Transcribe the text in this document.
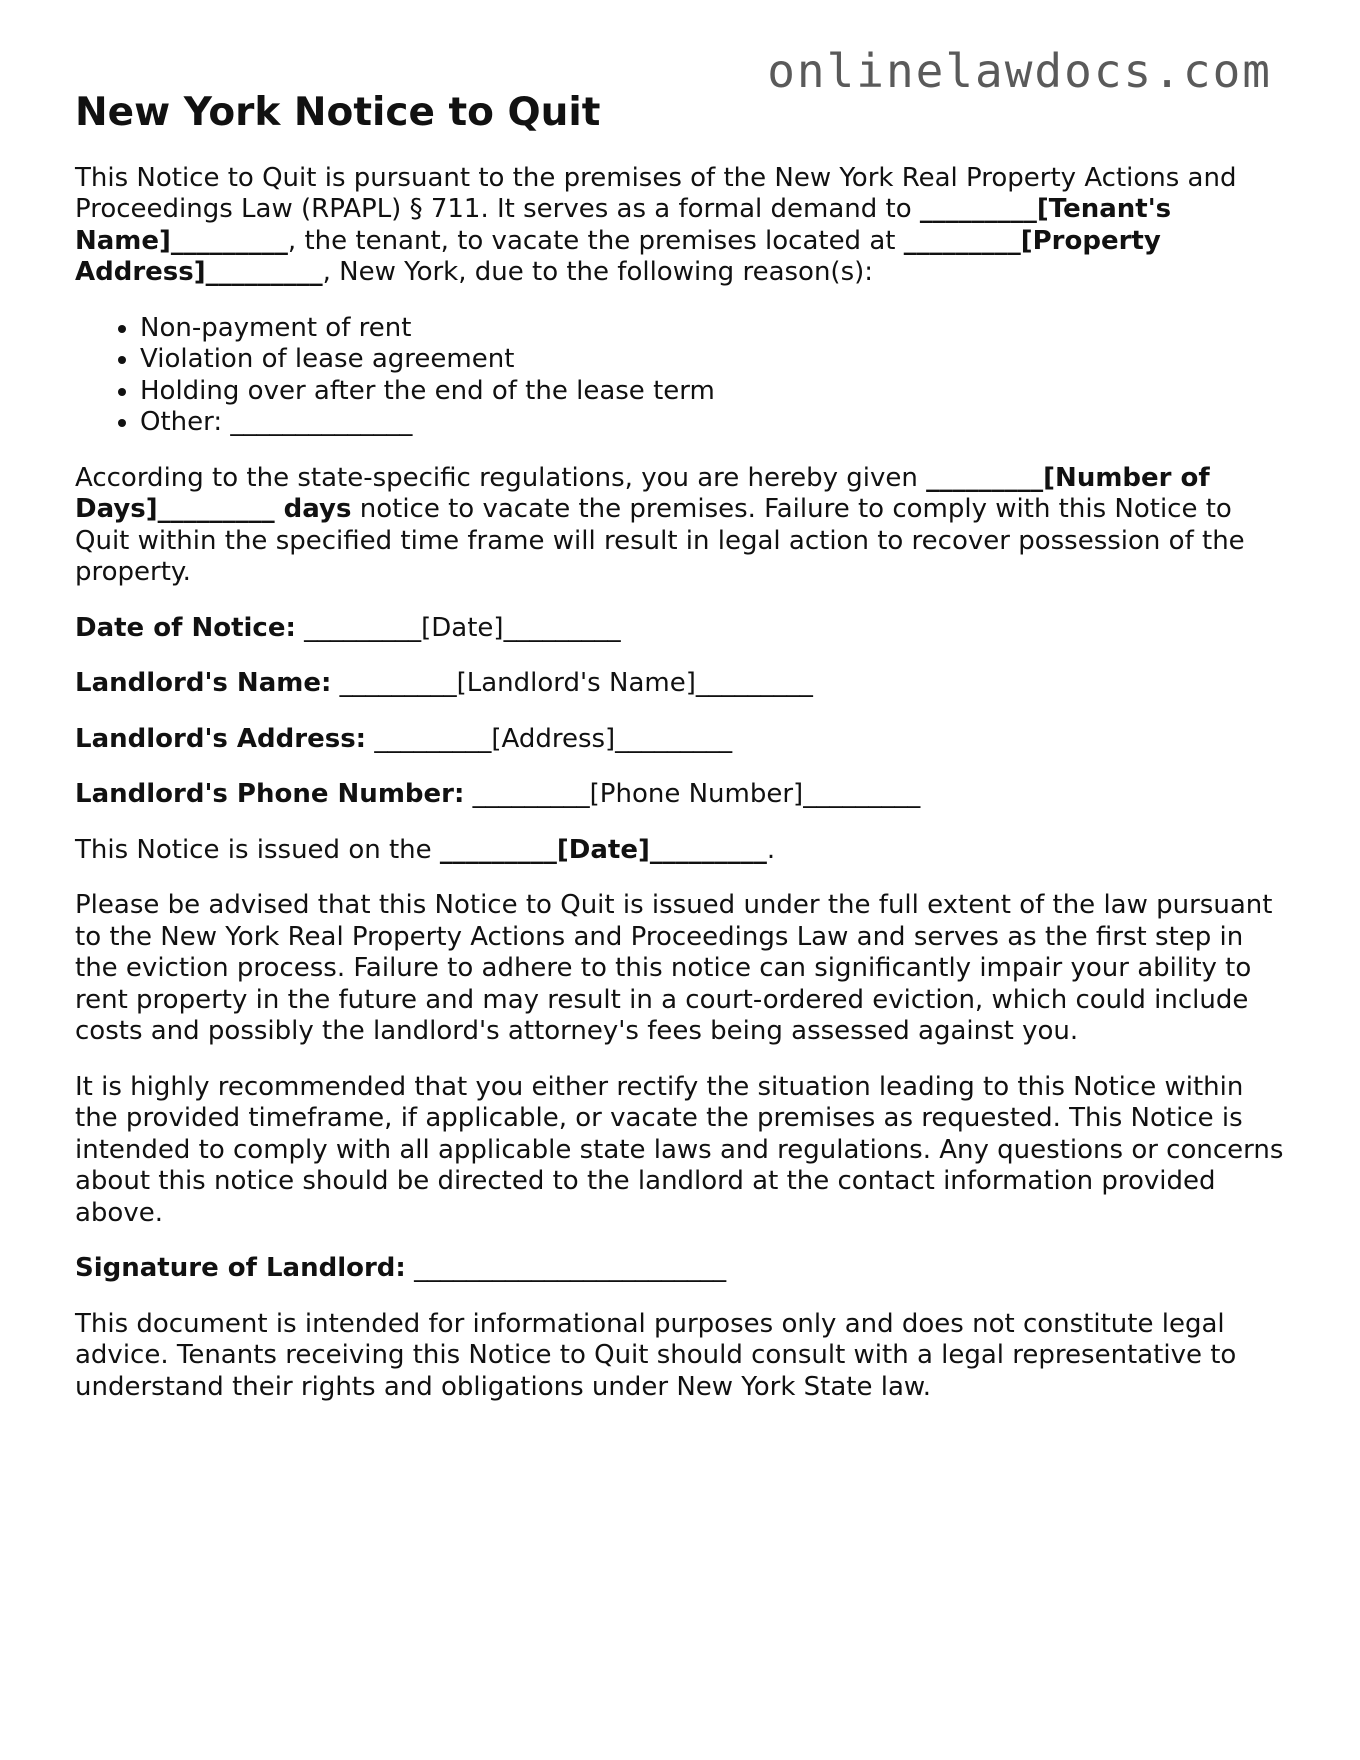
onlinelawdocs.com
New York Notice to Quit

This Notice to Quit is pursuant to the premises of the New York Real Property Actions and Proceedings Law (RPAPL) § 711. It serves as a formal demand to _________[Tenant's Name]_________, the tenant, to vacate the premises located at _________[Property Address]_________, New York, due to the following reason(s):

• Non-payment of rent
• Violation of lease agreement
• Holding over after the end of the lease term
• Other: ______________

According to the state-specific regulations, you are hereby given _________[Number of Days]_________ days notice to vacate the premises. Failure to comply with this Notice to Quit within the specified time frame will result in legal action to recover possession of the property.

Date of Notice: _________[Date]_________

Landlord's Name: _________[Landlord's Name]_________

Landlord's Address: _________[Address]_________

Landlord's Phone Number: _________[Phone Number]_________

This Notice is issued on the _________[Date]_________.

Please be advised that this Notice to Quit is issued under the full extent of the law pursuant to the New York Real Property Actions and Proceedings Law and serves as the first step in the eviction process. Failure to adhere to this notice can significantly impair your ability to rent property in the future and may result in a court-ordered eviction, which could include costs and possibly the landlord's attorney's fees being assessed against you.

It is highly recommended that you either rectify the situation leading to this Notice within the provided timeframe, if applicable, or vacate the premises as requested. This Notice is intended to comply with all applicable state laws and regulations. Any questions or concerns about this notice should be directed to the landlord at the contact information provided above.

Signature of Landlord: ________________________

This document is intended for informational purposes only and does not constitute legal advice. Tenants receiving this Notice to Quit should consult with a legal representative to understand their rights and obligations under New York State law.
